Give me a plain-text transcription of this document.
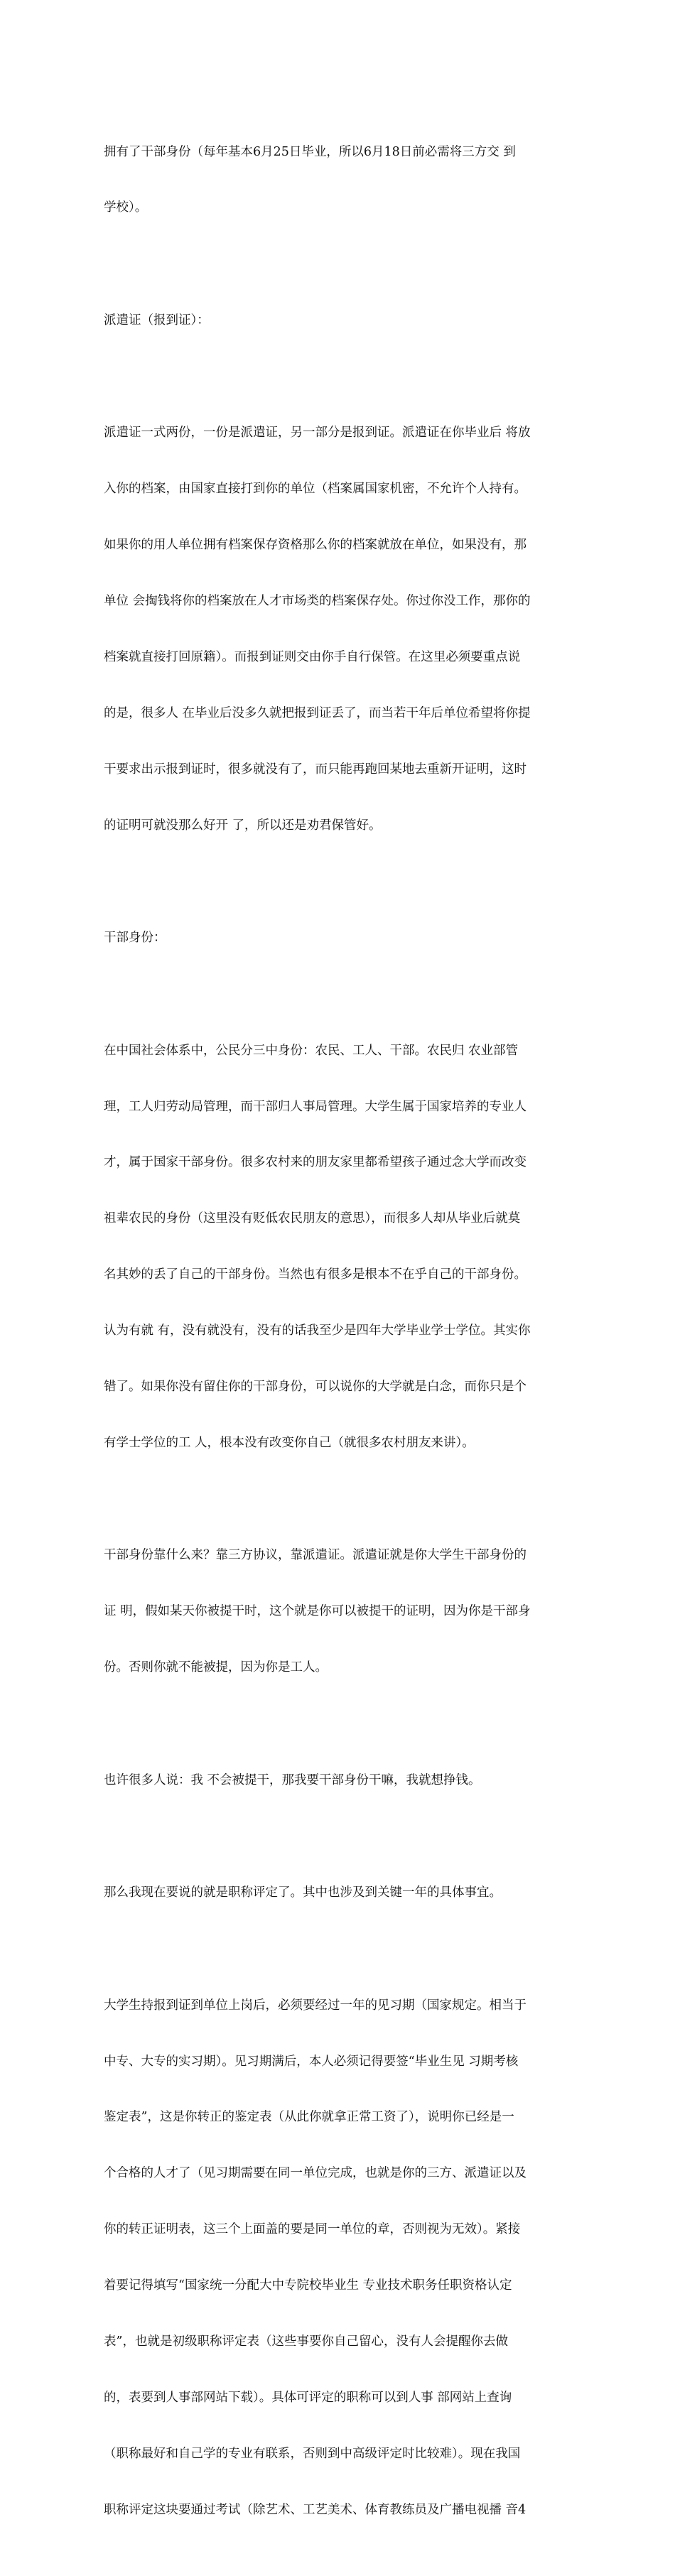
拥有了干部身份（每年基本6月25日毕业，所以6月18日前必需将三方交 到

学校）。

派遣证（报到证）：

派遣证一式两份，一份是派遣证，另一部分是报到证。派遣证在你毕业后 将放

入你的档案，由国家直接打到你的单位（档案属国家机密，不允许个人持有。

如果你的用人单位拥有档案保存资格那么你的档案就放在单位，如果没有，那

单位 会掏钱将你的档案放在人才市场类的档案保存处。你过你没工作，那你的

档案就直接打回原籍）。而报到证则交由你手自行保管。在这里必须要重点说

的是，很多人 在毕业后没多久就把报到证丢了，而当若干年后单位希望将你提

干要求出示报到证时，很多就没有了，而只能再跑回某地去重新开证明，这时

的证明可就没那么好开 了，所以还是劝君保管好。

干部身份：

在中国社会体系中，公民分三中身份：农民、工人、干部。农民归 农业部管

理，工人归劳动局管理，而干部归人事局管理。大学生属于国家培养的专业人

才，属于国家干部身份。很多农村来的朋友家里都希望孩子通过念大学而改变

祖辈农民的身份（这里没有贬低农民朋友的意思），而很多人却从毕业后就莫

名其妙的丢了自己的干部身份。当然也有很多是根本不在乎自己的干部身份。

认为有就 有，没有就没有，没有的话我至少是四年大学毕业学士学位。其实你

错了。如果你没有留住你的干部身份，可以说你的大学就是白念，而你只是个

有学士学位的工 人，根本没有改变你自己（就很多农村朋友来讲）。

干部身份靠什么来？靠三方协议，靠派遣证。派遣证就是你大学生干部身份的

证 明，假如某天你被提干时，这个就是你可以被提干的证明，因为你是干部身

份。否则你就不能被提，因为你是工人。

也许很多人说：我 不会被提干，那我要干部身份干嘛，我就想挣钱。

那么我现在要说的就是职称评定了。其中也涉及到关键一年的具体事宜。

大学生持报到证到单位上岗后，必须要经过一年的见习期（国家规定。相当于

中专、大专的实习期）。见习期满后，本人必须记得要签“毕业生见 习期考核

鉴定表”，这是你转正的鉴定表（从此你就拿正常工资了），说明你已经是一

个合格的人才了（见习期需要在同一单位完成，也就是你的三方、派遣证以及

你的转正证明表，这三个上面盖的要是同一单位的章，否则视为无效）。紧接

着要记得填写“国家统一分配大中专院校毕业生 专业技术职务任职资格认定

表”，也就是初级职称评定表（这些事要你自己留心，没有人会提醒你去做

的，表要到人事部网站下载）。具体可评定的职称可以到人事 部网站上查询

（职称最好和自己学的专业有联系，否则到中高级评定时比较难）。现在我国

职称评定这块要通过考试（除艺术、工艺美术、体育教练员及广播电视播 音4
